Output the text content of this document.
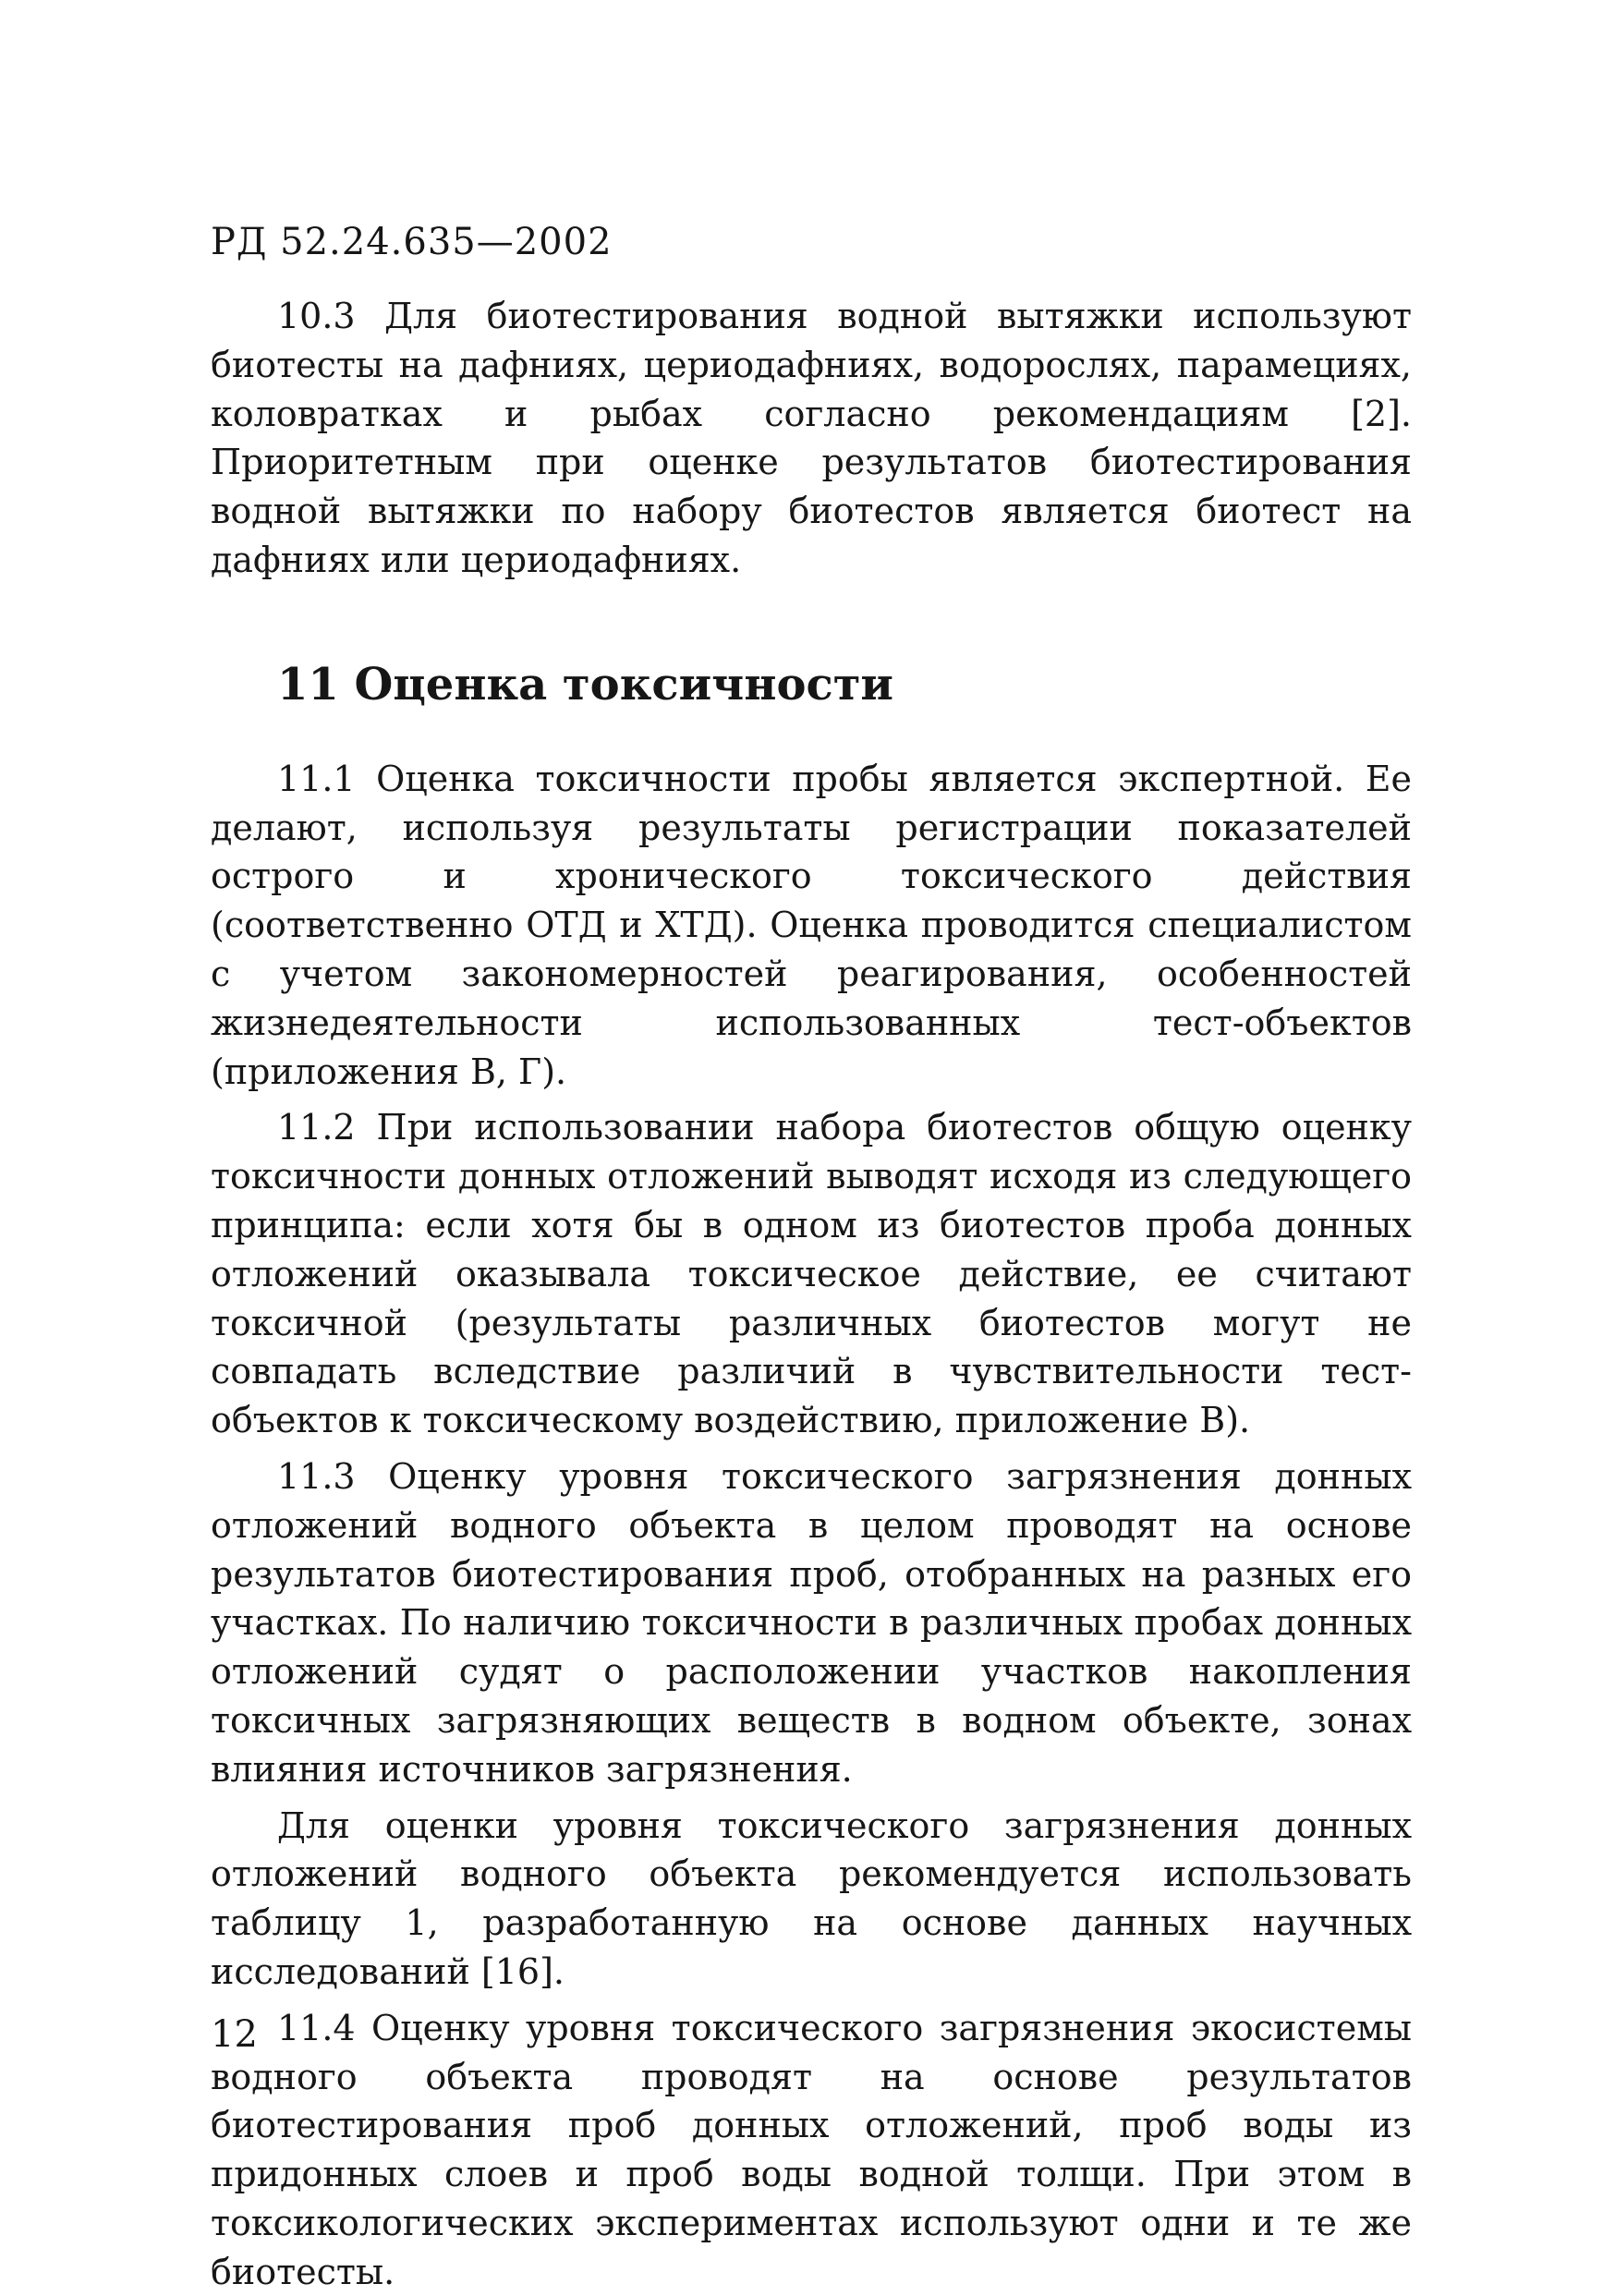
РД 52.24.635—2002

10.3 Для биотестирования водной вытяжки используют биотесты на дафниях, цериодафниях, водорослях, парамециях, коловратках и рыбах согласно рекомендациям [2]. Приоритетным при оценке результатов биотестирования водной вытяжки по набору биотестов является биотест на дафниях или цериодафниях.

11 Оценка токсичности

11.1 Оценка токсичности пробы является экспертной. Ее делают, используя результаты регистрации показателей острого и хронического токсического действия (соответственно ОТД и ХТД). Оценка проводится специалистом с учетом закономерностей реагирования, особенностей жизнедеятельности использованных тест-объектов (приложения В, Г).

11.2 При использовании набора биотестов общую оценку токсичности донных отложений выводят исходя из следующего принципа: если хотя бы в одном из биотестов проба донных отложений оказывала токсическое действие, ее считают токсичной (результаты различных биотестов могут не совпадать вследствие различий в чувствительности тест-объектов к токсическому воздействию, приложение В).

11.3 Оценку уровня токсического загрязнения донных отложений водного объекта в целом проводят на основе результатов биотестирования проб, отобранных на разных его участках. По наличию токсичности в различных пробах донных отложений судят о расположении участков накопления токсичных загрязняющих веществ в водном объекте, зонах влияния источников загрязнения.

Для оценки уровня токсического загрязнения донных отложений водного объекта рекомендуется использовать таблицу 1, разработанную на основе данных научных исследований [16].

11.4 Оценку уровня токсического загрязнения экосистемы водного объекта проводят на основе результатов биотестирования проб донных отложений, проб воды из придонных слоев и проб воды водной толщи. При этом в токсикологических экспериментах используют одни и те же биотесты.

12
